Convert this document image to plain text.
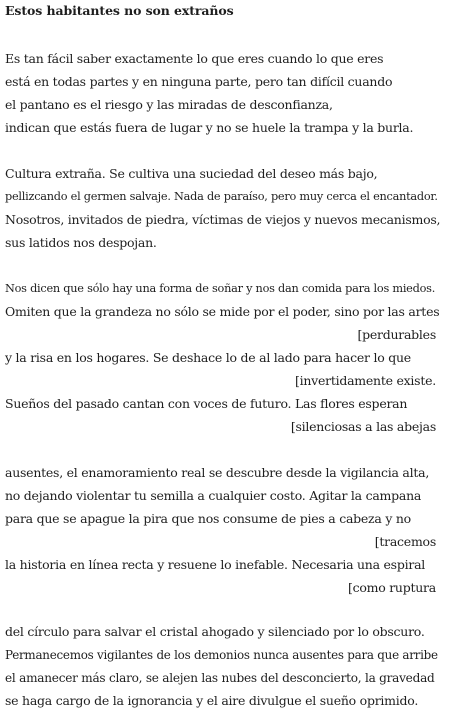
Estos habitantes no son extraños
Es tan fácil saber exactamente lo que eres cuando lo que eres
está en todas partes y en ninguna parte, pero tan difícil cuando
el pantano es el riesgo y las miradas de desconfianza,
indican que estás fuera de lugar y no se huele la trampa y la burla.
Cultura extraña. Se cultiva una suciedad del deseo más bajo,
pellizcando el germen salvaje. Nada de paraíso, pero muy cerca el encantador.
Nosotros, invitados de piedra, víctimas de viejos y nuevos mecanismos,
sus latidos nos despojan.
Nos dicen que sólo hay una forma de soñar y nos dan comida para los miedos.
Omiten que la grandeza no sólo se mide por el poder, sino por las artes
[perdurables
y la risa en los hogares. Se deshace lo de al lado para hacer lo que
[invertidamente existe.
Sueños del pasado cantan con voces de futuro. Las flores esperan
[silenciosas a las abejas
ausentes, el enamoramiento real se descubre desde la vigilancia alta,
no dejando violentar tu semilla a cualquier costo. Agitar la campana
para que se apague la pira que nos consume de pies a cabeza y no
[tracemos
la historia en línea recta y resuene lo inefable. Necesaria una espiral
[como ruptura
del círculo para salvar el cristal ahogado y silenciado por lo obscuro.
Permanecemos vigilantes de los demonios nunca ausentes para que arribe
el amanecer más claro, se alejen las nubes del desconcierto, la gravedad
se haga cargo de la ignorancia y el aire divulgue el sueño oprimido.
